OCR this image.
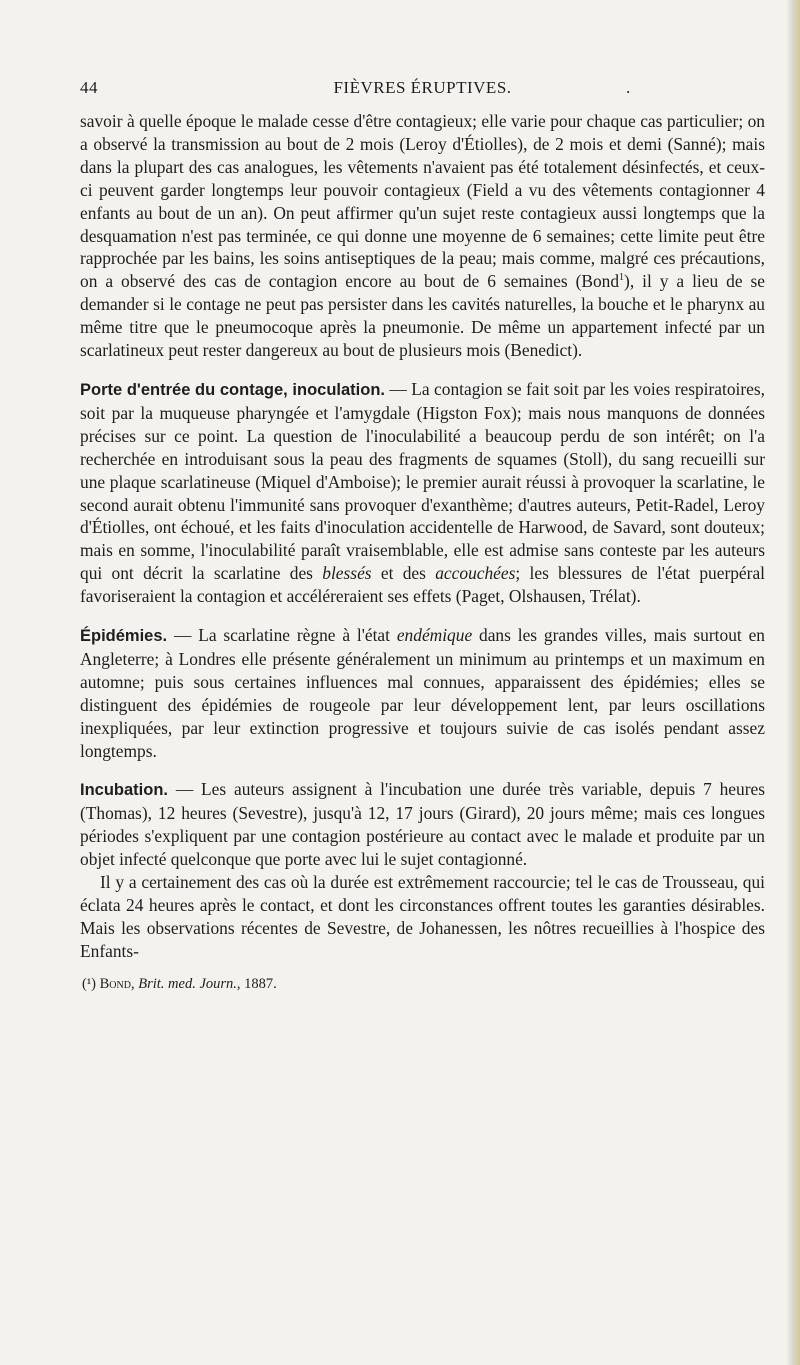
44	FIÈVRES ÉRUPTIVES.	.

savoir à quelle époque le malade cesse d'être contagieux; elle varie pour chaque cas particulier; on a observé la transmission au bout de 2 mois (Leroy d'Étiolles), de 2 mois et demi (Sanné); mais dans la plupart des cas analogues, les vêtements n'avaient pas été totalement désinfectés, et ceux-ci peuvent garder longtemps leur pouvoir contagieux (Field a vu des vêtements contagionner 4 enfants au bout de un an). On peut affirmer qu'un sujet reste contagieux aussi longtemps que la desquamation n'est pas terminée, ce qui donne une moyenne de 6 semaines; cette limite peut être rapprochée par les bains, les soins antiseptiques de la peau; mais comme, malgré ces précautions, on a observé des cas de contagion encore au bout de 6 semaines (Bond$^1$), il y a lieu de se demander si le contage ne peut pas persister dans les cavités naturelles, la bouche et le pharynx au même titre que le pneumocoque après la pneumonie. De même un appartement infecté par un scarlatineux peut rester dangereux au bout de plusieurs mois (Benedict).

Porte d'entrée du contage, inoculation. — La contagion se fait soit par les voies respiratoires, soit par la muqueuse pharyngée et l'amygdale (Higston Fox); mais nous manquons de données précises sur ce point. La question de l'inoculabilité a beaucoup perdu de son intérêt; on l'a recherchée en introduisant sous la peau des fragments de squames (Stoll), du sang recueilli sur une plaque scarlatineuse (Miquel d'Amboise); le premier aurait réussi à provoquer la scarlatine, le second aurait obtenu l'immunité sans provoquer d'exanthème; d'autres auteurs, Petit-Radel, Leroy d'Étiolles, ont échoué, et les faits d'inoculation accidentelle de Harwood, de Savard, sont douteux; mais en somme, l'inoculabilité paraît vraisemblable, elle est admise sans conteste par les auteurs qui ont décrit la scarlatine des blessés et des accouchées; les blessures de l'état puerpéral favoriseraient la contagion et accéléreraient ses effets (Paget, Olshausen, Trélat).

Épidémies. — La scarlatine règne à l'état endémique dans les grandes villes, mais surtout en Angleterre; à Londres elle présente généralement un minimum au printemps et un maximum en automne; puis sous certaines influences mal connues, apparaissent des épidémies; elles se distinguent des épidémies de rougeole par leur développement lent, par leurs oscillations inexpliquées, par leur extinction progressive et toujours suivie de cas isolés pendant assez longtemps.

Incubation. — Les auteurs assignent à l'incubation une durée très variable, depuis 7 heures (Thomas), 12 heures (Sevestre), jusqu'à 12, 17 jours (Girard), 20 jours même; mais ces longues périodes s'expliquent par une contagion postérieure au contact avec le malade et produite par un objet infecté quelconque que porte avec lui le sujet contagionné.

Il y a certainement des cas où la durée est extrêmement raccourcie; tel le cas de Trousseau, qui éclata 24 heures après le contact, et dont les circonstances offrent toutes les garanties désirables. Mais les observations récentes de Sevestre, de Johanessen, les nôtres recueillies à l'hospice des Enfants-

(¹) Bond, Brit. med. Journ., 1887.
